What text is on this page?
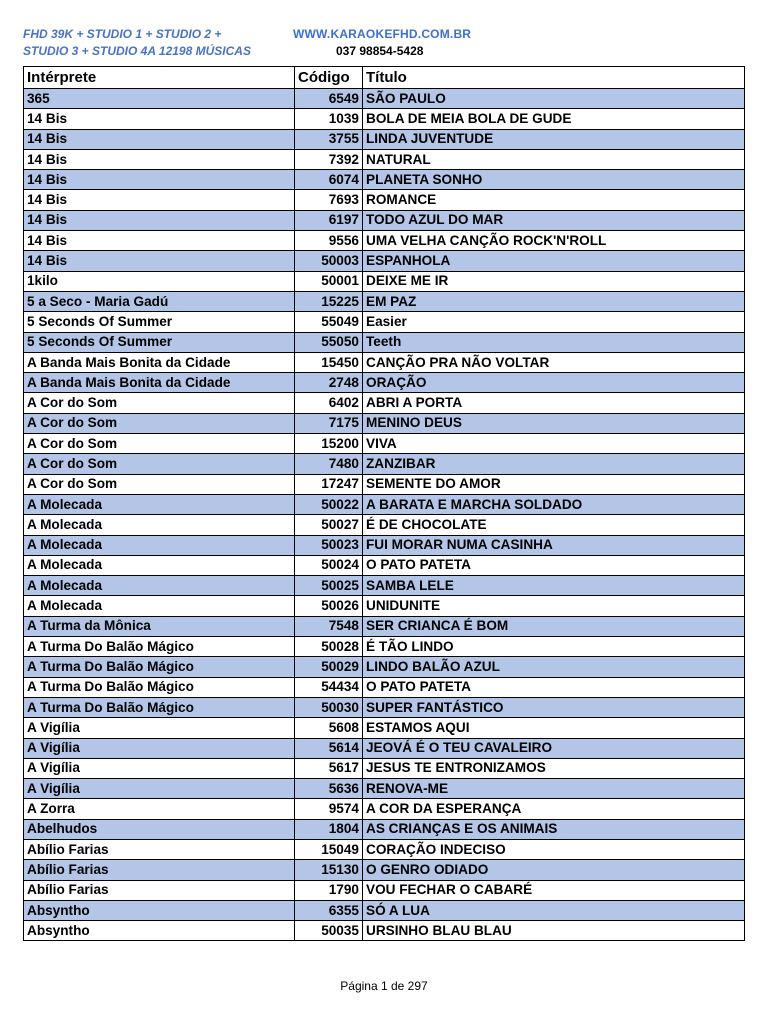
FHD 39K + STUDIO 1 + STUDIO 2 +
STUDIO 3 + STUDIO 4A 12198 MÚSICAS
WWW.KARAOKEFHD.COM.BR
037 98854-5428
Intérprete	Código	Título
365	6549	SÃO PAULO
14 Bis	1039	BOLA DE MEIA BOLA DE GUDE
14 Bis	3755	LINDA JUVENTUDE
14 Bis	7392	NATURAL
14 Bis	6074	PLANETA SONHO
14 Bis	7693	ROMANCE
14 Bis	6197	TODO AZUL DO MAR
14 Bis	9556	UMA VELHA CANÇÃO ROCK'N'ROLL
14 Bis	50003	ESPANHOLA
1kilo	50001	DEIXE ME IR
5 a Seco - Maria Gadú	15225	EM PAZ
5 Seconds Of Summer	55049	Easier
5 Seconds Of Summer	55050	Teeth
A Banda Mais Bonita da Cidade	15450	CANÇÃO PRA NÃO VOLTAR
A Banda Mais Bonita da Cidade	2748	ORAÇÃO
A Cor do Som	6402	ABRI A PORTA
A Cor do Som	7175	MENINO DEUS
A Cor do Som	15200	VIVA
A Cor do Som	7480	ZANZIBAR
A Cor do Som	17247	SEMENTE DO AMOR
A Molecada	50022	A BARATA E MARCHA SOLDADO
A Molecada	50027	É DE CHOCOLATE
A Molecada	50023	FUI MORAR NUMA CASINHA
A Molecada	50024	O PATO PATETA
A Molecada	50025	SAMBA LELE
A Molecada	50026	UNIDUNITE
A Turma da Mônica	7548	SER CRIANCA É BOM
A Turma Do Balão Mágico	50028	É TÃO LINDO
A Turma Do Balão Mágico	50029	LINDO BALÃO AZUL
A Turma Do Balão Mágico	54434	O PATO PATETA
A Turma Do Balão Mágico	50030	SUPER FANTÁSTICO
A Vigília	5608	ESTAMOS AQUI
A Vigília	5614	JEOVÁ É O TEU CAVALEIRO
A Vigília	5617	JESUS TE ENTRONIZAMOS
A Vigília	5636	RENOVA-ME
A Zorra	9574	A COR DA ESPERANÇA
Abelhudos	1804	AS CRIANÇAS E OS ANIMAIS
Abílio Farias	15049	CORAÇÃO INDECISO
Abílio Farias	15130	O GENRO ODIADO
Abílio Farias	1790	VOU FECHAR O CABARÉ
Absyntho	6355	SÓ A LUA
Absyntho	50035	URSINHO BLAU BLAU
Página 1 de 297
